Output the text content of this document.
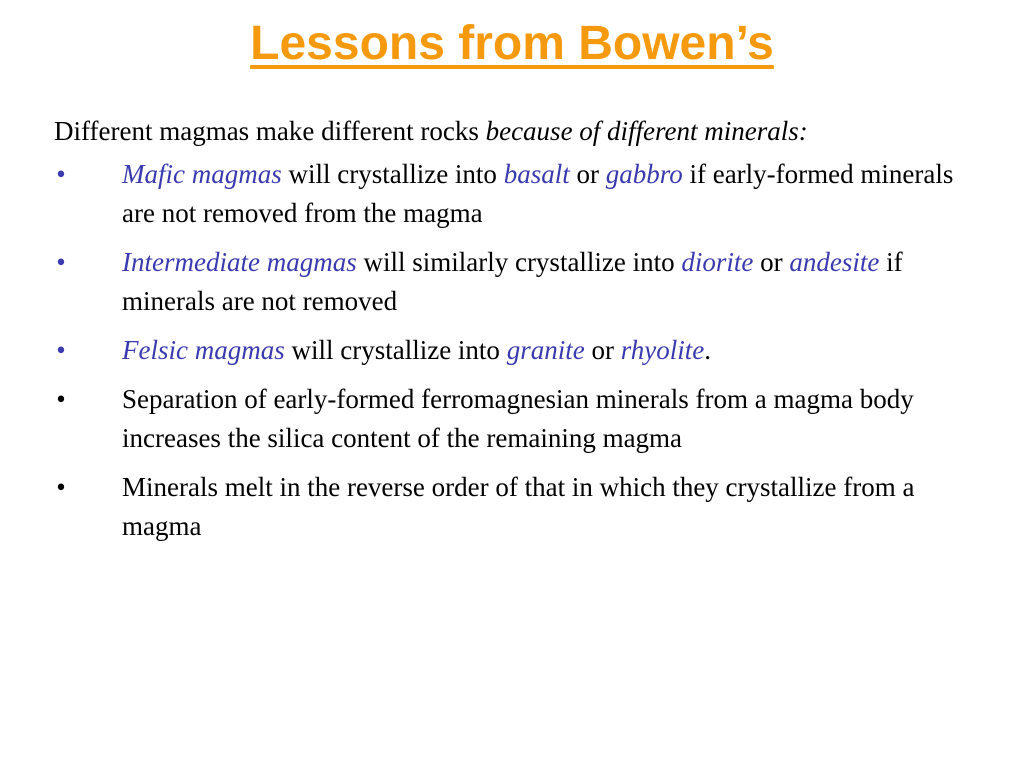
Lessons from Bowen’s
Different magmas make different rocks because of different minerals:
• Mafic magmas will crystallize into basalt or gabbro if early-formed minerals are not removed from the magma
• Intermediate magmas will similarly crystallize into diorite or andesite if minerals are not removed
• Felsic magmas will crystallize into granite or rhyolite.
• Separation of early-formed ferromagnesian minerals from a magma body increases the silica content of the remaining magma
• Minerals melt in the reverse order of that in which they crystallize from a magma
